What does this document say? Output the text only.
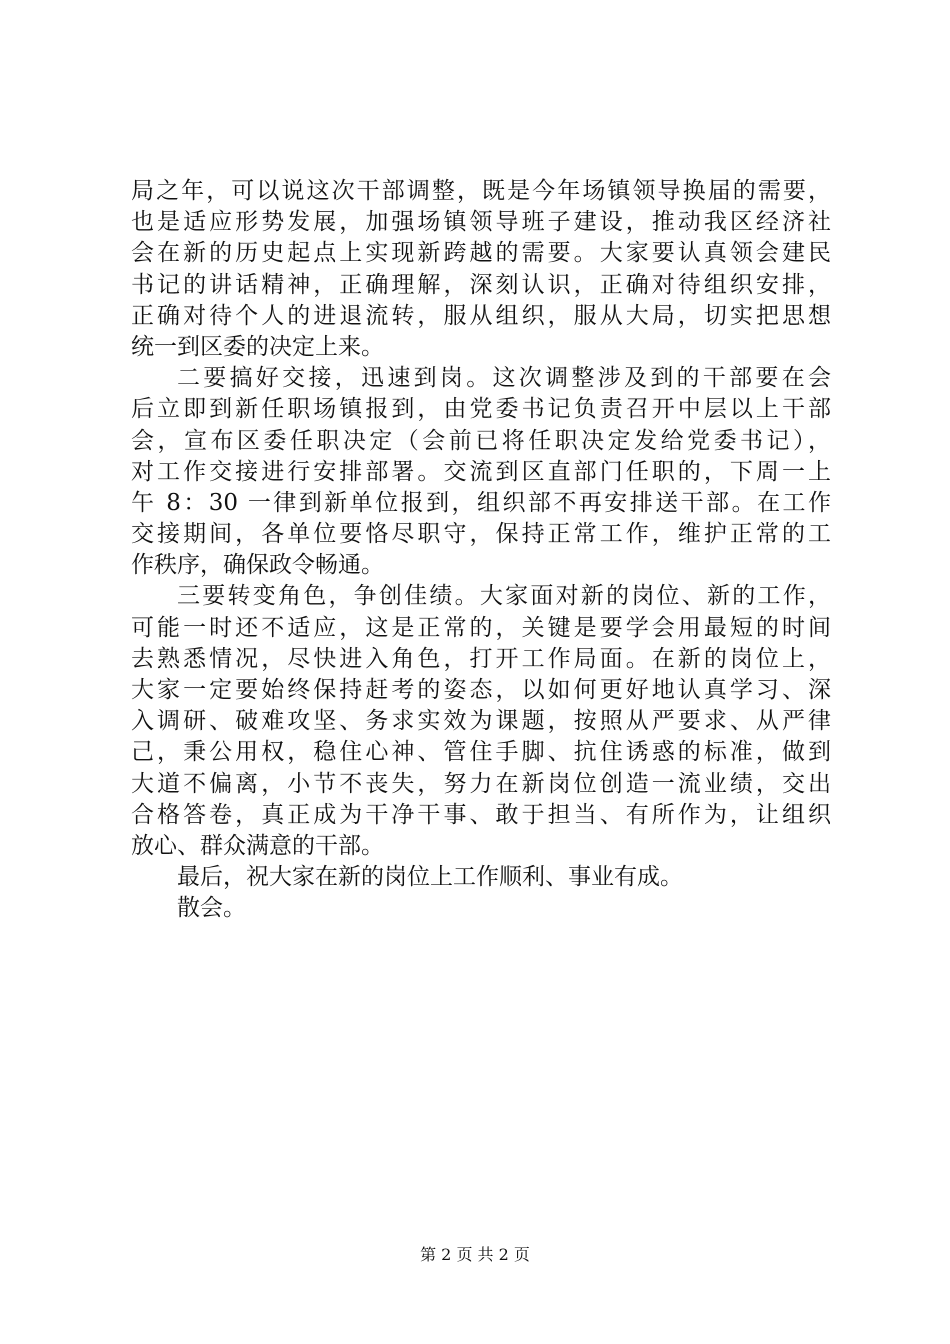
局之年，可以说这次干部调整，既是今年场镇领导换届的需要，
也是适应形势发展，加强场镇领导班子建设，推动我区经济社
会在新的历史起点上实现新跨越的需要。大家要认真领会建民
书记的讲话精神，正确理解，深刻认识，正确对待组织安排，
正确对待个人的进退流转，服从组织，服从大局，切实把思想
统一到区委的决定上来。
二要搞好交接，迅速到岗。这次调整涉及到的干部要在会
后立即到新任职场镇报到，由党委书记负责召开中层以上干部
会，宣布区委任职决定（会前已将任职决定发给党委书记），
对工作交接进行安排部署。交流到区直部门任职的，下周一上
午 8：30 一律到新单位报到，组织部不再安排送干部。在工作
交接期间，各单位要恪尽职守，保持正常工作，维护正常的工
作秩序，确保政令畅通。
三要转变角色，争创佳绩。大家面对新的岗位、新的工作，
可能一时还不适应，这是正常的，关键是要学会用最短的时间
去熟悉情况，尽快进入角色，打开工作局面。在新的岗位上，
大家一定要始终保持赶考的姿态，以如何更好地认真学习、深
入调研、破难攻坚、务求实效为课题，按照从严要求、从严律
己，秉公用权，稳住心神、管住手脚、抗住诱惑的标准，做到
大道不偏离，小节不丧失，努力在新岗位创造一流业绩，交出
合格答卷，真正成为干净干事、敢于担当、有所作为，让组织
放心、群众满意的干部。
最后，祝大家在新的岗位上工作顺利、事业有成。
散会。
第 2 页 共 2 页
